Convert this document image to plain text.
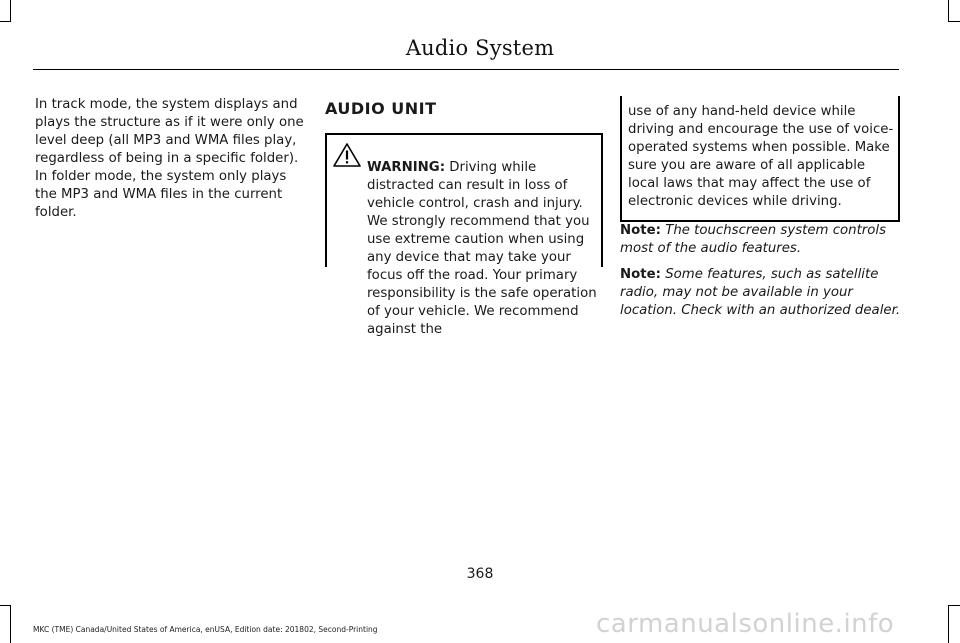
Audio System

In track mode, the system displays and plays the structure as if it were only one level deep (all MP3 and WMA files play, regardless of being in a specific folder). In folder mode, the system only plays the MP3 and WMA files in the current folder.

AUDIO UNIT

WARNING: Driving while distracted can result in loss of vehicle control, crash and injury. We strongly recommend that you use extreme caution when using any device that may take your focus off the road. Your primary responsibility is the safe operation of your vehicle. We recommend against the

use of any hand-held device while driving and encourage the use of voice-operated systems when possible. Make sure you are aware of all applicable local laws that may affect the use of electronic devices while driving.

Note: The touchscreen system controls most of the audio features.

Note: Some features, such as satellite radio, may not be available in your location. Check with an authorized dealer.

368
MKC (TME) Canada/United States of America, enUSA, Edition date: 201802, Second-Printing	carmanualsonline.info
